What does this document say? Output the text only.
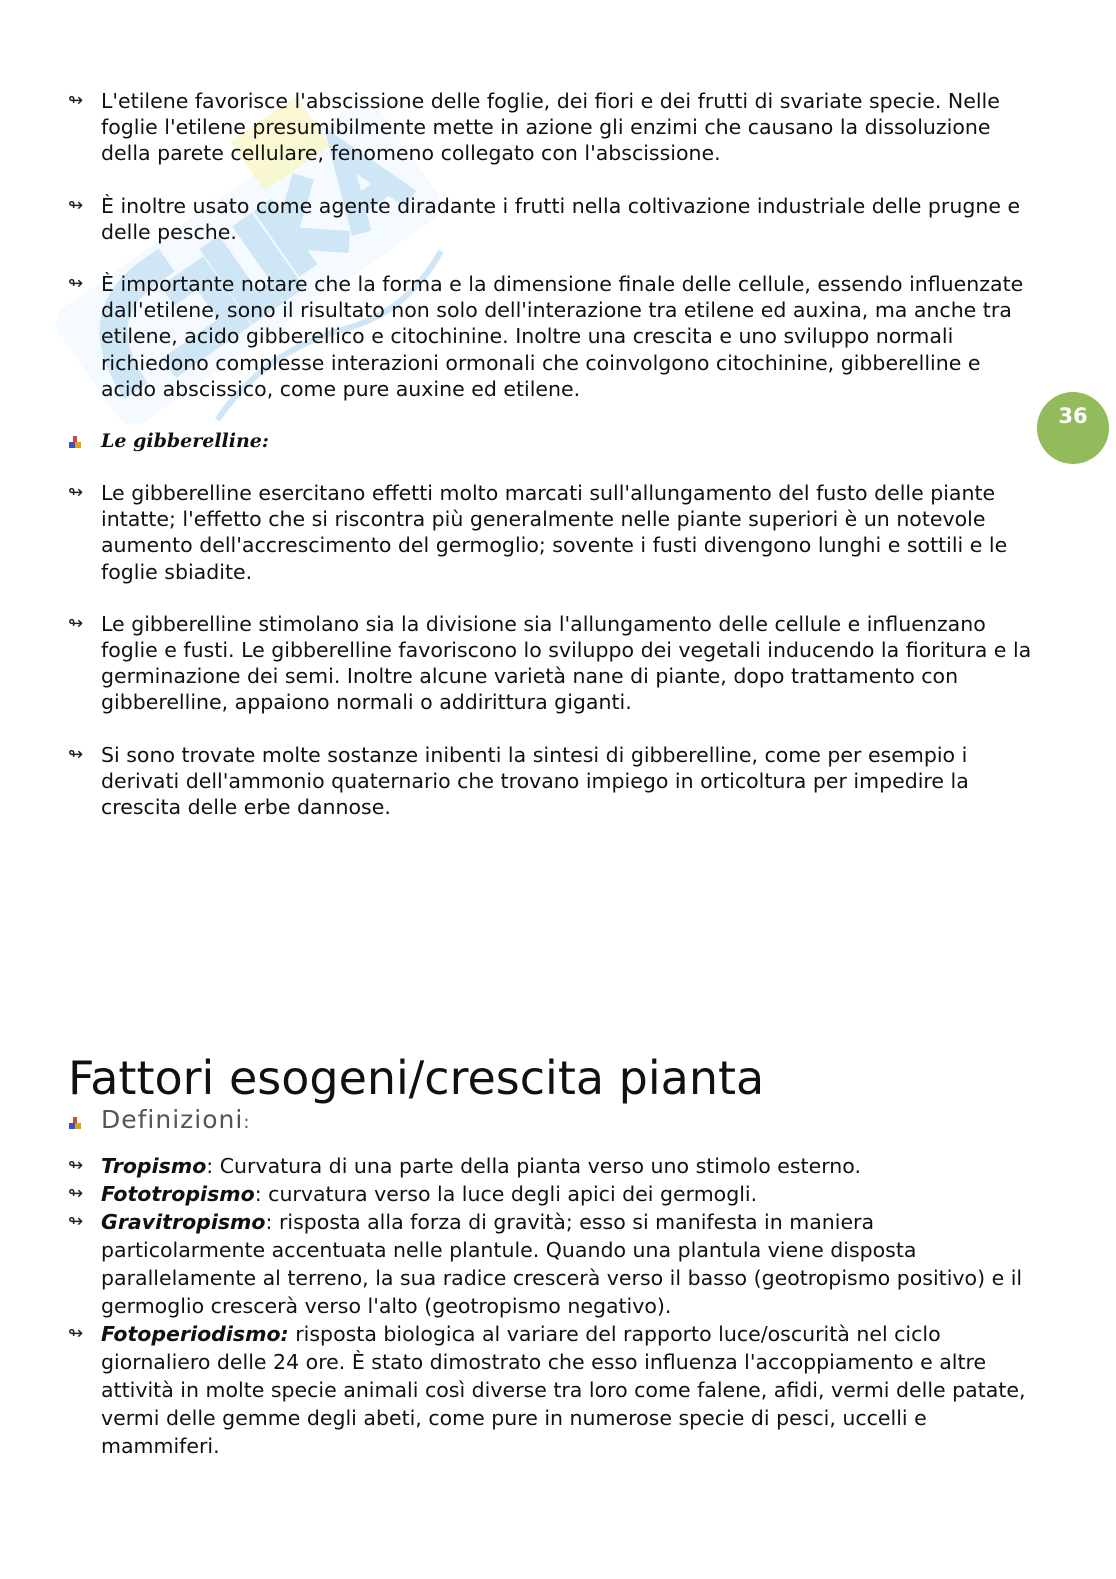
36

↬ L'etilene favorisce l'abscissione delle foglie, dei fiori e dei frutti di svariate specie. Nelle foglie l'etilene presumibilmente mette in azione gli enzimi che causano la dissoluzione della parete cellulare, fenomeno collegato con l'abscissione.

↬ È inoltre usato come agente diradante i frutti nella coltivazione industriale delle prugne e delle pesche.

↬ È importante notare che la forma e la dimensione finale delle cellule, essendo influenzate dall'etilene, sono il risultato non solo dell'interazione tra etilene ed auxina, ma anche tra etilene, acido gibberellico e citochinine. Inoltre una crescita e uno sviluppo normali richiedono complesse interazioni ormonali che coinvolgono citochinine, gibberelline e acido abscissico, come pure auxine ed etilene.

Le gibberelline:

↬ Le gibberelline esercitano effetti molto marcati sull'allungamento del fusto delle piante intatte; l'effetto che si riscontra più generalmente nelle piante superiori è un notevole aumento dell'accrescimento del germoglio; sovente i fusti divengono lunghi e sottili e le foglie sbiadite.

↬ Le gibberelline stimolano sia la divisione sia l'allungamento delle cellule e influenzano foglie e fusti. Le gibberelline favoriscono lo sviluppo dei vegetali inducendo la fioritura e la germinazione dei semi. Inoltre alcune varietà nane di piante, dopo trattamento con gibberelline, appaiono normali o addirittura giganti.

↬ Si sono trovate molte sostanze inibenti la sintesi di gibberelline, come per esempio i derivati dell'ammonio quaternario che trovano impiego in orticoltura per impedire la crescita delle erbe dannose.

Fattori esogeni/crescita pianta
Definizioni:

↬ Tropismo: Curvatura di una parte della pianta verso uno stimolo esterno.

↬ Fototropismo: curvatura verso la luce degli apici dei germogli.

↬ Gravitropismo: risposta alla forza di gravità; esso si manifesta in maniera particolarmente accentuata nelle plantule. Quando una plantula viene disposta parallelamente al terreno, la sua radice crescerà verso il basso (geotropismo positivo) e il germoglio crescerà verso l'alto (geotropismo negativo).

↬ Fotoperiodismo: risposta biologica al variare del rapporto luce/oscurità nel ciclo giornaliero delle 24 ore. È stato dimostrato che esso influenza l'accoppiamento e altre attività in molte specie animali così diverse tra loro come falene, afidi, vermi delle patate, vermi delle gemme degli abeti, come pure in numerose specie di pesci, uccelli e mammiferi.
